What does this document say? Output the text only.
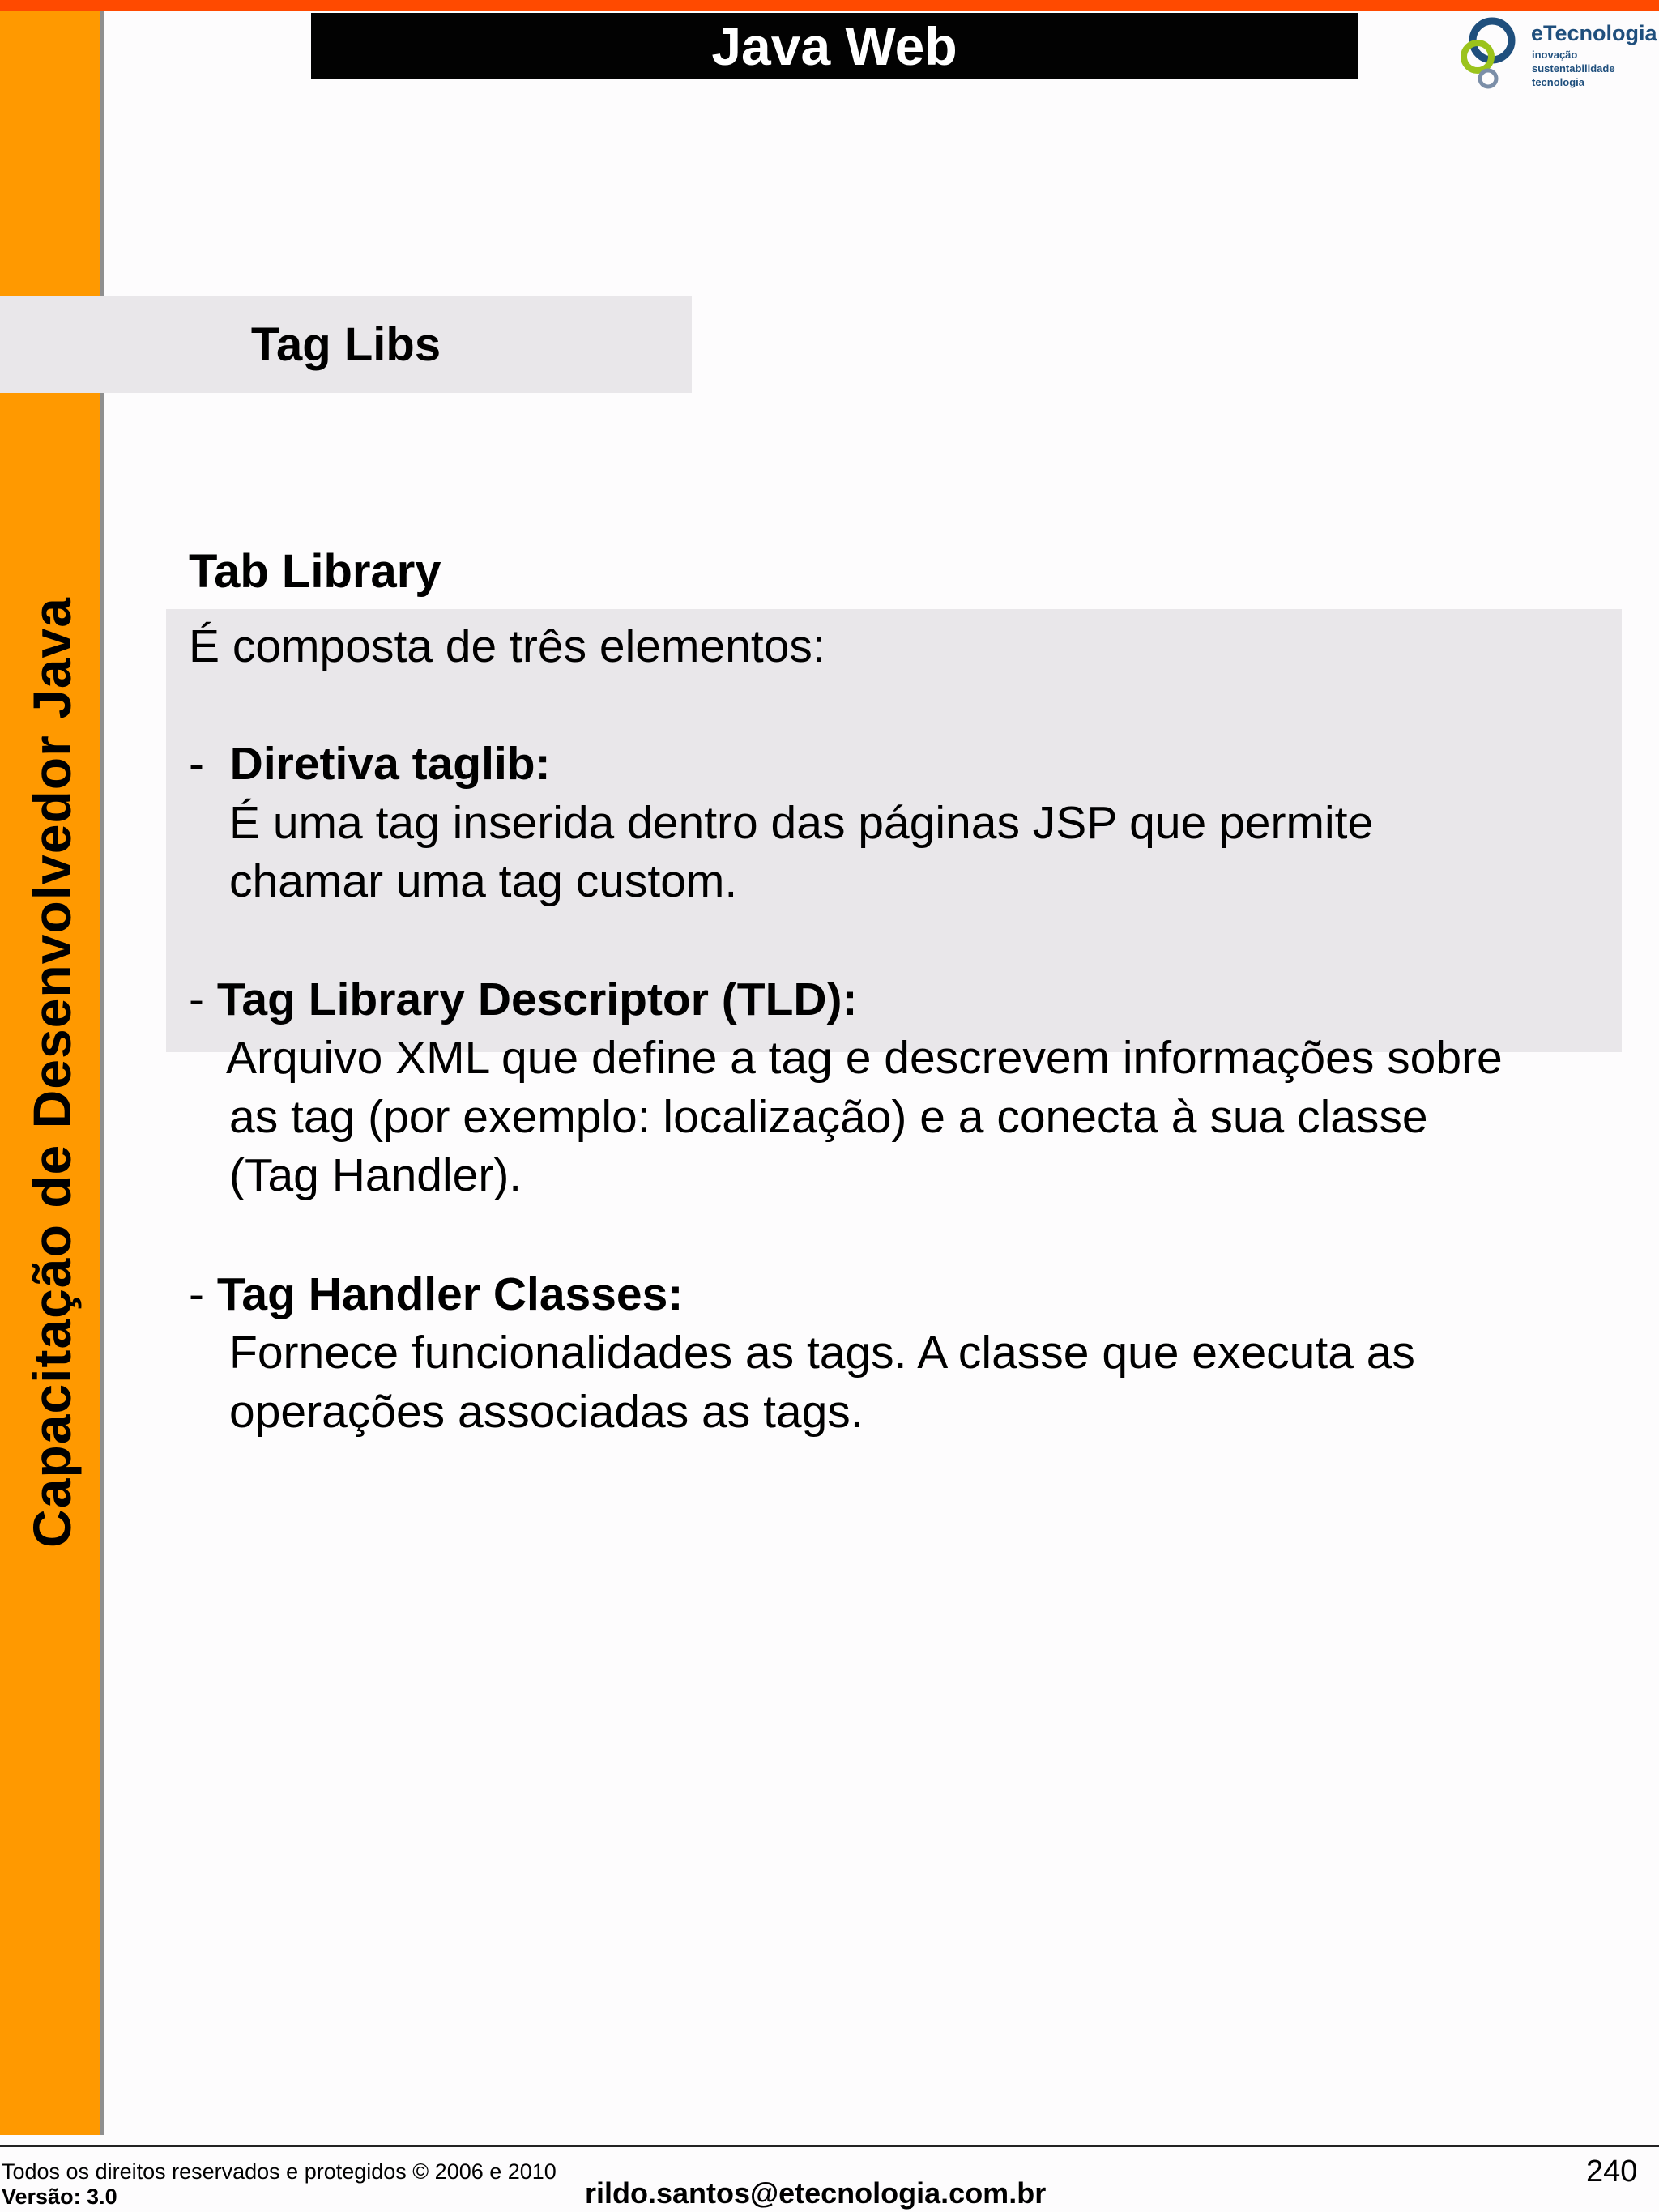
Capacitação de Desenvolvedor Java
Java Web	eTecnologia
inovação
sustentabilidade
tecnologia
Tag Libs
Tab Library
É composta de três elementos:
- Diretiva taglib:
É uma tag inserida dentro das páginas JSP que permite
chamar uma tag custom.
- Tag Library Descriptor (TLD):
Arquivo XML que define a tag e descrevem informações sobre
as tag (por exemplo: localização) e a conecta à sua classe
(Tag Handler).
- Tag Handler Classes:
Fornece funcionalidades as tags. A classe que executa as
operações associadas as tags.
Todos os direitos reservados e protegidos © 2006 e 2010
Versão: 3.0	rildo.santos@etecnologia.com.br
240
